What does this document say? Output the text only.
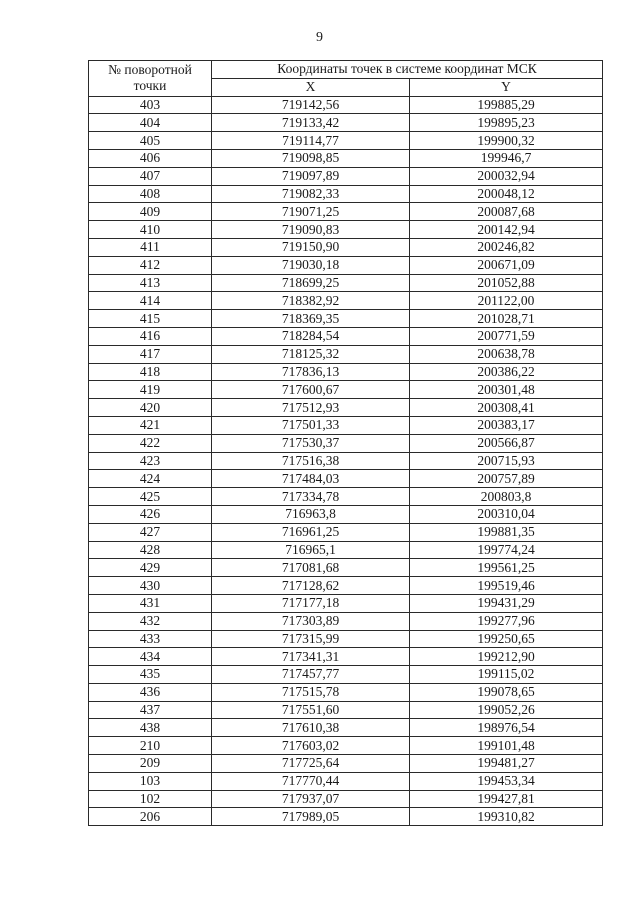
9
№ поворотной
точки	Координаты точек в системе координат МСК	
	X	Y
403	719142,56	199885,29
404	719133,42	199895,23
405	719114,77	199900,32
406	719098,85	199946,7
407	719097,89	200032,94
408	719082,33	200048,12
409	719071,25	200087,68
410	719090,83	200142,94
411	719150,90	200246,82
412	719030,18	200671,09
413	718699,25	201052,88
414	718382,92	201122,00
415	718369,35	201028,71
416	718284,54	200771,59
417	718125,32	200638,78
418	717836,13	200386,22
419	717600,67	200301,48
420	717512,93	200308,41
421	717501,33	200383,17
422	717530,37	200566,87
423	717516,38	200715,93
424	717484,03	200757,89
425	717334,78	200803,8
426	716963,8	200310,04
427	716961,25	199881,35
428	716965,1	199774,24
429	717081,68	199561,25
430	717128,62	199519,46
431	717177,18	199431,29
432	717303,89	199277,96
433	717315,99	199250,65
434	717341,31	199212,90
435	717457,77	199115,02
436	717515,78	199078,65
437	717551,60	199052,26
438	717610,38	198976,54
210	717603,02	199101,48
209	717725,64	199481,27
103	717770,44	199453,34
102	717937,07	199427,81
206	717989,05	199310,82
